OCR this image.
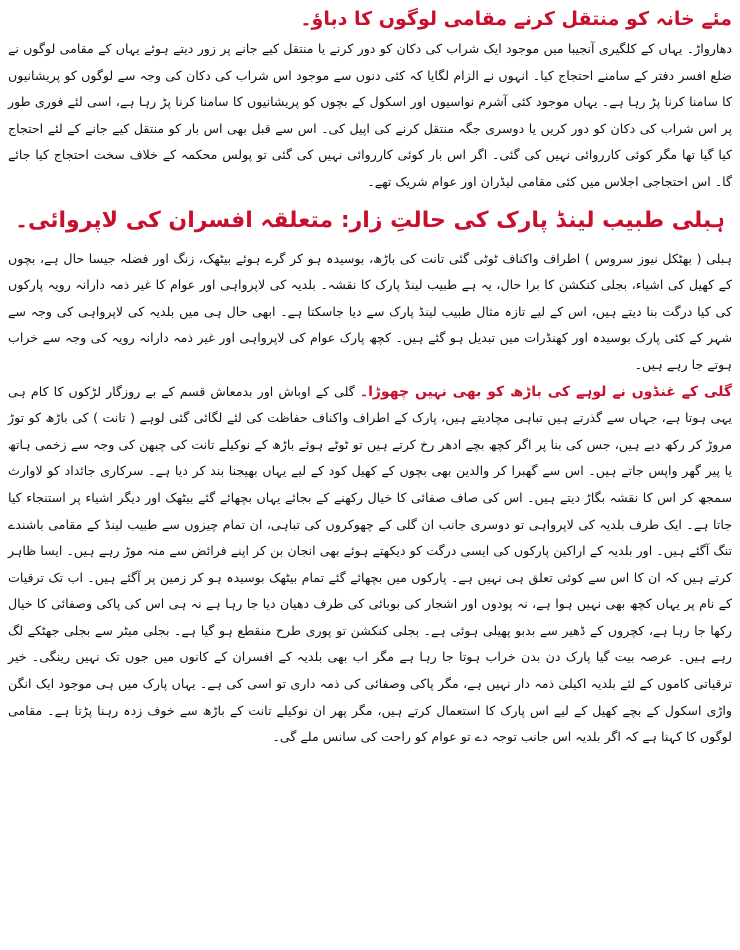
مئے خانہ کو منتقل کرنے مقامی لوگوں کا دباؤ۔

دھارواڑ۔ یہاں کے کلگیری آنجیبا میں موجود ایک شراب کی دکان کو دور کرنے یا منتقل کیے جانے پر زور دیتے ہوئے یہاں کے مقامی لوگوں نے ضلع افسر دفتر کے سامنے احتجاج کیا۔ انہوں نے الزام لگایا کہ کئی دنوں سے موجود اس شراب کی دکان کی وجہ سے لوگوں کو پریشانیوں کا سامنا کرنا پڑ رہا ہے۔ یہاں موجود کئی آشرم نواسیوں اور اسکول کے بچوں کو پریشانیوں کا سامنا کرنا پڑ رہا ہے، اسی لئے فوری طور پر اس شراب کی دکان کو دور کریں یا دوسری جگہ منتقل کرنے کی اپیل کی۔ اس سے قبل بھی اس بار کو منتقل کیے جانے کے لئے احتجاج کیا گیا تھا مگر کوئی کارروائی نہیں کی گئی۔ اگر اس بار کوئی کارروائی نہیں کی گئی تو پولس محکمہ کے خلاف سخت احتجاج کیا جائے گا۔ اس احتجاجی اجلاس میں کئی مقامی لیڈران اور عوام شریک تھے۔

ہبلی طبیب لینڈ پارک کی حالتِ زار: متعلقہ افسران کی لاپروائی۔

ہبلی ( بھٹکل نیوز سروس ) اطراف واکناف ٹوٹی گئی تانت کی باڑھ، بوسیدہ ہو کر گرے ہوئے بیٹھک، زنگ اور فضلہ جیسا حال ہے، بچوں کے کھیل کی اشیاء، بجلی کنکشن کا برا حال، یہ ہے طبیب لینڈ پارک کا نقشہ۔ بلدیہ کی لاپرواہی اور عوام کا غیر ذمہ دارانہ رویہ پارکوں کی کیا درگت بنا دیتے ہیں، اس کے لیے تازہ مثال طبیب لینڈ پارک سے دیا جاسکتا ہے۔ ابھی حال ہی میں بلدیہ کی لاپرواہی کی وجہ سے شہر کے کئی پارک بوسیدہ اور کھنڈرات میں تبدیل ہو گئے ہیں۔ کچھ پارک عوام کی لاپرواہی اور غیر ذمہ دارانہ رویہ کی وجہ سے خراب ہوتے جا رہے ہیں۔

گلی کے غنڈوں نے لوہے کی باڑھ کو بھی نہیں چھوڑا۔ گلی کے اوباش اور بدمعاش قسم کے بے روزگار لڑکوں کا کام ہی یہی ہوتا ہے، جہاں سے گذرتے ہیں تباہی مچادیتے ہیں، پارک کے اطراف واکناف حفاظت کی لئے لگائی گئی لوہے ( تانت ) کی باڑھ کو توڑ مروڑ کر رکھ دیے ہیں، جس کی بنا پر اگر کچھ بچے ادھر رخ کرتے ہیں تو ٹوٹے ہوئے باڑھ کے نوکیلے تانت کی چبھن کی وجہ سے زخمی ہاتھ یا پیر گھر واپس جاتے ہیں۔ اس سے گھبرا کر والدین بھی بچوں کے کھیل کود کے لیے یہاں بھیجنا بند کر دیا ہے۔ سرکاری جائداد کو لاوارث سمجھ کر اس کا نقشہ بگاڑ دیتے ہیں۔ اس کی صاف صفائی کا خیال رکھنے کے بجائے یہاں بچھائے گئے بیٹھک اور دیگر اشیاء پر استنجاء کیا جاتا ہے۔ ایک طرف بلدیہ کی لاپرواہی تو دوسری جانب ان گلی کے چھوکروں کی تباہی، ان تمام چیزوں سے طبیب لینڈ کے مقامی باشندے تنگ آگئے ہیں۔ اور بلدیہ کے اراکین پارکوں کی ایسی درگت کو دیکھتے ہوئے بھی انجان بن کر اپنے فرائض سے منہ موڑ رہے ہیں۔ ایسا ظاہر کرتے ہیں کہ ان کا اس سے کوئی تعلق ہی نہیں ہے۔ پارکوں میں بچھائے گئے تمام بیٹھک بوسیدہ ہو کر زمین پر آگئے ہیں۔ اب تک ترقیات کے نام پر یہاں کچھ بھی نہیں ہوا ہے، نہ پودوں اور اشجار کی بوبائی کی طرف دھیان دیا جا رہا ہے نہ ہی اس کی پاکی وصفائی کا خیال رکھا جا رہا ہے، کچروں کے ڈھیر سے بدبو پھیلی ہوئی ہے۔ بجلی کنکشن تو پوری طرح منقطع ہو گیا ہے۔ بجلی میٹر سے بجلی جھٹکے لگ رہے ہیں۔ عرصہ بیت گیا پارک دن بدن خراب ہوتا جا رہا ہے مگر اب بھی بلدیہ کے افسران کے کانوں میں جوں تک نہیں رینگی۔ خیر ترقیاتی کاموں کے لئے بلدیہ اکیلی ذمہ دار نہیں ہے، مگر پاکی وصفائی کی ذمہ داری تو اسی کی ہے۔ یہاں پارک میں ہی موجود ایک انگن واڑی اسکول کے بچے کھیل کے لیے اس پارک کا استعمال کرتے ہیں، مگر پھر ان نوکیلے تانت کے باڑھ سے خوف زدہ رہنا پڑتا ہے۔ مقامی لوگوں کا کہنا ہے کہ اگر بلدیہ اس جانب توجہ دے تو عوام کو راحت کی سانس ملے گی۔
